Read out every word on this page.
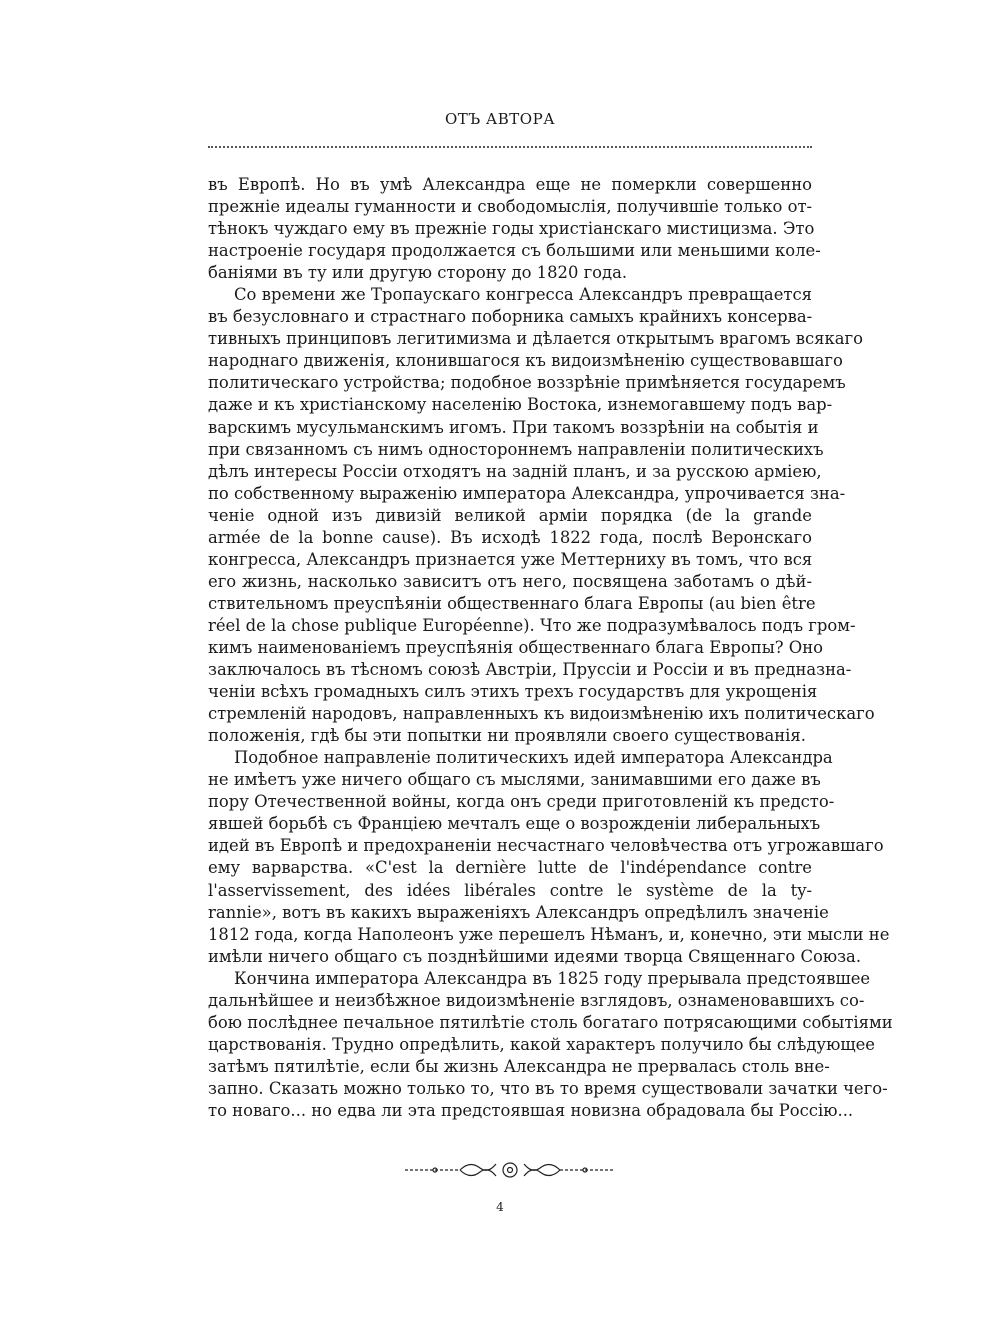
ОТЪ АВТОРА
въ Европѣ. Но въ умѣ Александра еще не померкли совершенно
прежніе идеалы гуманности и свободомыслія, получившіе только от-
тѣнокъ чуждаго ему въ прежніе годы христіанскаго мистицизма. Это
настроеніе государя продолжается съ большими или меньшими коле-
баніями въ ту или другую сторону до 1820 года.
Со времени же Тропаускаго конгресса Александръ превращается
въ безусловнаго и страстнаго поборника самыхъ крайнихъ консерва-
тивныхъ принциповъ легитимизма и дѣлается открытымъ врагомъ всякаго
народнаго движенія, клонившагося къ видоизмѣненію существовавшаго
политическаго устройства; подобное воззрѣніе примѣняется государемъ
даже и къ христіанскому населенію Востока, изнемогавшему подъ вар-
варскимъ мусульманскимъ игомъ. При такомъ воззрѣніи на событія и
при связанномъ съ нимъ одностороннемъ направленіи политическихъ
дѣлъ интересы Россіи отходятъ на задній планъ, и за русскою арміею,
по собственному выраженію императора Александра, упрочивается зна-
ченіе одной изъ дивизій великой арміи порядка (de la grande
armée de la bonne cause). Въ исходѣ 1822 года, послѣ Веронскаго
конгресса, Александръ признается уже Меттерниху въ томъ, что вся
его жизнь, насколько зависитъ отъ него, посвящена заботамъ о дѣй-
ствительномъ преуспѣяніи общественнаго блага Европы (au bien être
réel de la chose publique Européenne). Что же подразумѣвалось подъ гром-
кимъ наименованіемъ преуспѣянія общественнаго блага Европы? Оно
заключалось въ тѣсномъ союзѣ Австріи, Пруссіи и Россіи и въ предназна-
ченіи всѣхъ громадныхъ силъ этихъ трехъ государствъ для укрощенія
стремленій народовъ, направленныхъ къ видоизмѣненію ихъ политическаго
положенія, гдѣ бы эти попытки ни проявляли своего существованія.
Подобное направленіе политическихъ идей императора Александра
не имѣетъ уже ничего общаго съ мыслями, занимавшими его даже въ
пору Отечественной войны, когда онъ среди приготовленій къ предсто-
явшей борьбѣ съ Франціею мечталъ еще о возрожденіи либеральныхъ
идей въ Европѣ и предохраненіи несчастнаго человѣчества отъ угрожавшаго
ему варварства. «C'est la dernière lutte de l'indépendance contre
l'asservissement, des idées libérales contre le système de la ty-
rannie», вотъ въ какихъ выраженіяхъ Александръ опредѣлилъ значеніе
1812 года, когда Наполеонъ уже перешелъ Нѣманъ, и, конечно, эти мысли не
имѣли ничего общаго съ позднѣйшими идеями творца Священнаго Союза.
Кончина императора Александра въ 1825 году прерывала предстоявшее
дальнѣйшее и неизбѣжное видоизмѣненіе взглядовъ, ознаменовавшихъ со-
бою послѣднее печальное пятилѣтіе столь богатаго потрясающими событіями
царствованія. Трудно опредѣлить, какой характеръ получило бы слѣдующее
затѣмъ пятилѣтіе, если бы жизнь Александра не прервалась столь вне-
запно. Сказать можно только то, что въ то время существовали зачатки чего-
то новаго... но едва ли эта предстоявшая новизна обрадовала бы Россію...
4
